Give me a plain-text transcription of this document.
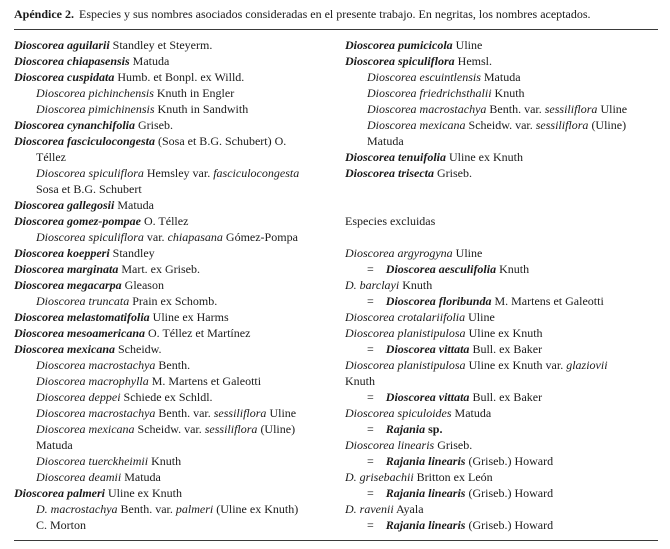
Apéndice 2. Especies y sus nombres asociados consideradas en el presente trabajo. En negritas, los nombres aceptados.
Dioscorea aguilarii Standley et Steyerm.
Dioscorea chiapasensis Matuda
Dioscorea cuspidata Humb. et Bonpl. ex Willd.
Dioscorea pichinchensis Knuth in Engler
Dioscorea pimichinensis Knuth in Sandwith
Dioscorea cynanchifolia Griseb.
Dioscorea fasciculocongesta (Sosa et B.G. Schubert) O.
Téllez
Dioscorea spiculiflora Hemsley var. fasciculocongesta
Sosa et B.G. Schubert
Dioscorea gallegosii Matuda
Dioscorea gomez-pompae O. Téllez
Dioscorea spiculiflora var. chiapasana Gómez-Pompa
Dioscorea koepperi Standley
Dioscorea marginata Mart. ex Griseb.
Dioscorea megacarpa Gleason
Dioscorea truncata Prain ex Schomb.
Dioscorea melastomatifolia Uline ex Harms
Dioscorea mesoamericana O. Téllez et Martínez
Dioscorea mexicana Scheidw.
Dioscorea macrostachya Benth.
Dioscorea macrophylla M. Martens et Galeotti
Dioscorea deppei Schiede ex Schldl.
Dioscorea macrostachya Benth. var. sessiliflora Uline
Dioscorea mexicana Scheidw. var. sessiliflora (Uline)
Matuda
Dioscorea tuerckheimii Knuth
Dioscorea deamii Matuda
Dioscorea palmeri Uline ex Knuth
D. macrostachya Benth. var. palmeri (Uline ex Knuth)
C. Morton
Dioscorea pumicicola Uline
Dioscorea spiculiflora Hemsl.
Dioscorea escuintlensis Matuda
Dioscorea friedrichsthalii Knuth
Dioscorea macrostachya Benth. var. sessiliflora Uline
Dioscorea mexicana Scheidw. var. sessiliflora (Uline)
Matuda
Dioscorea tenuifolia Uline ex Knuth
Dioscorea trisecta Griseb.

Especies excluidas

Dioscorea argyrogyna Uline
=    Dioscorea aesculifolia Knuth
D. barclayi Knuth
=    Dioscorea floribunda M. Martens et Galeotti
Dioscorea crotalariifolia Uline
Dioscorea planistipulosa Uline ex Knuth
=    Dioscorea vittata Bull. ex Baker
Dioscorea planistipulosa Uline ex Knuth var. glaziovii
Knuth
=    Dioscorea vittata Bull. ex Baker
Dioscorea spiculoides Matuda
=    Rajania sp.
Dioscorea linearis Griseb.
=    Rajania linearis (Griseb.) Howard
D. grisebachii Britton ex León
=    Rajania linearis (Griseb.) Howard
D. ravenii Ayala
=    Rajania linearis (Griseb.) Howard
